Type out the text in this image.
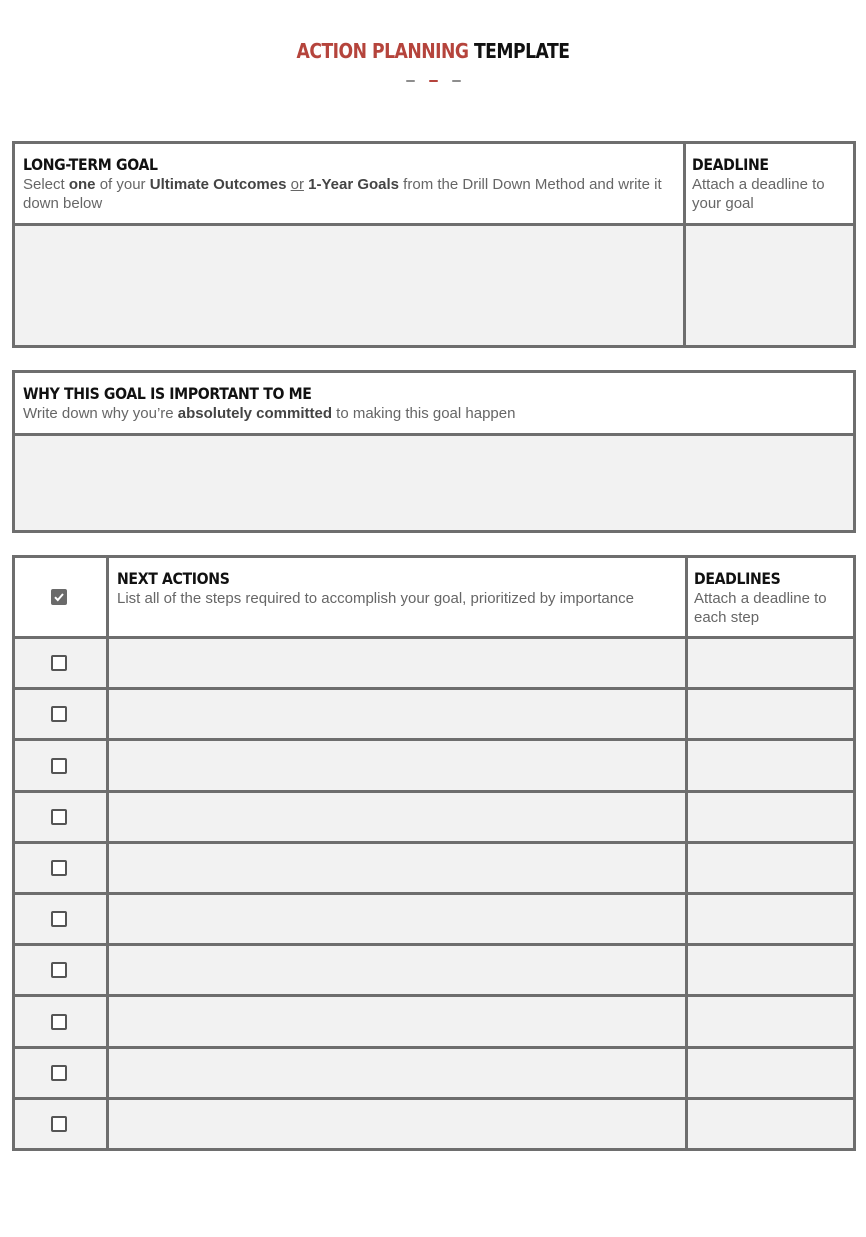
ACTION PLANNING TEMPLATE
LONG-TERM GOAL
Select one of your Ultimate Outcomes or 1-Year Goals from the Drill Down Method and write it down below
DEADLINE
Attach a deadline to your goal
WHY THIS GOAL IS IMPORTANT TO ME
Write down why you’re absolutely committed to making this goal happen
NEXT ACTIONS
List all of the steps required to accomplish your goal, prioritized by importance
DEADLINES
Attach a deadline to each step
